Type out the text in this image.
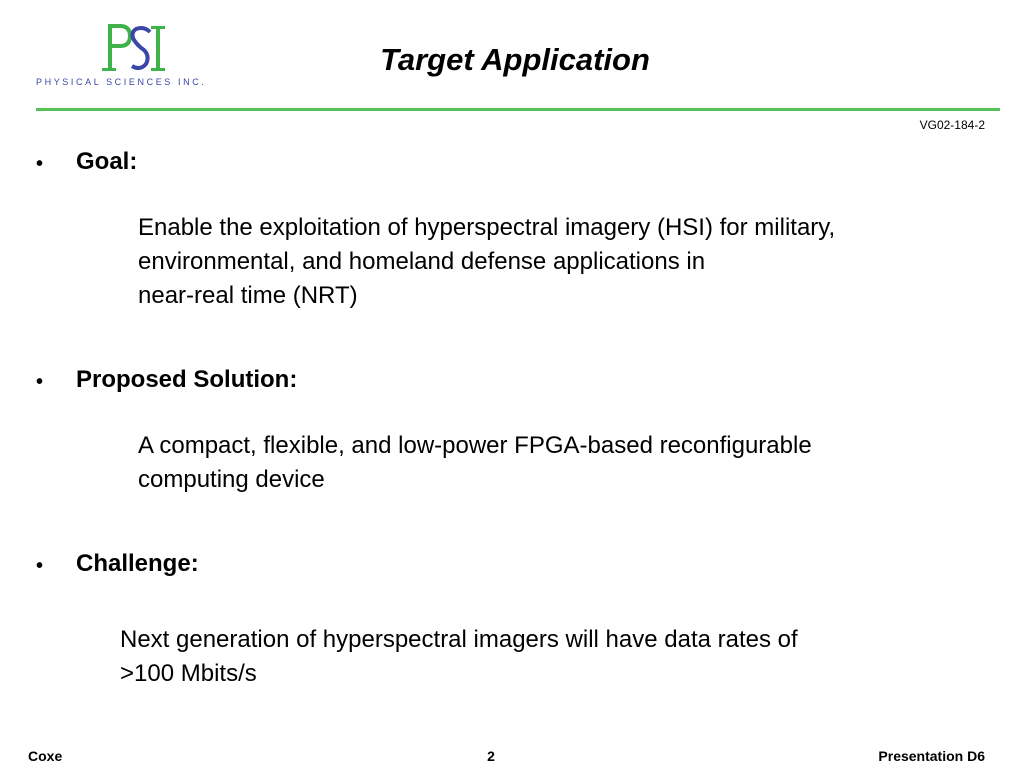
PHYSICAL SCIENCES INC.
Target Application
VG02-184-2
• Goal:
Enable the exploitation of hyperspectral imagery (HSI) for military,
environmental, and homeland defense applications in
near-real time (NRT)
• Proposed Solution:
A compact, flexible, and low-power FPGA-based reconfigurable
computing device
• Challenge:
Next generation of hyperspectral imagers will have data rates of
>100 Mbits/s
Coxe	2	Presentation D6
